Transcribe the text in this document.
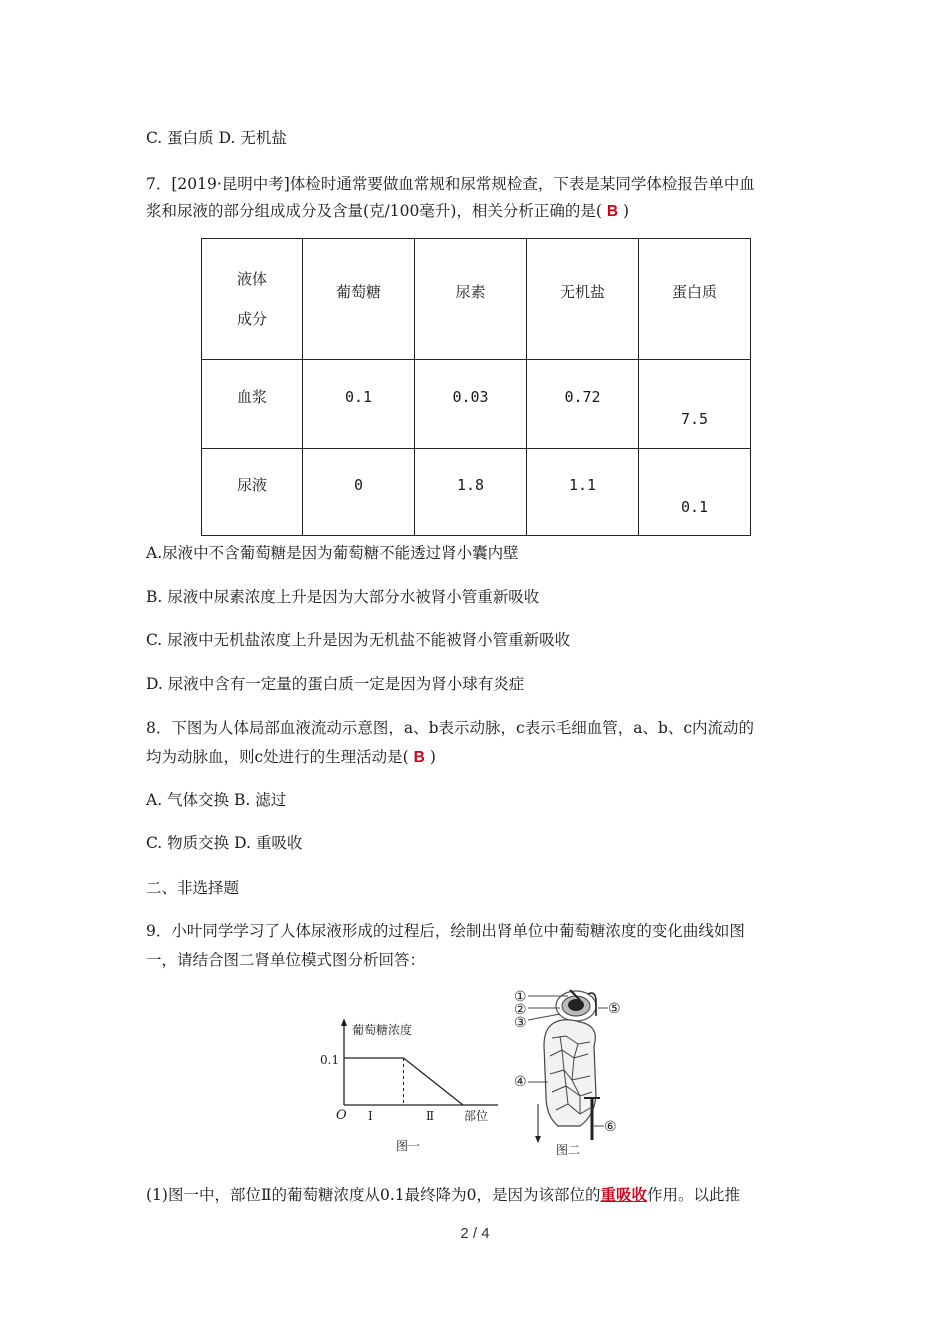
C. 蛋白质 D. 无机盐
7．[2019·昆明中考]体检时通常要做血常规和尿常规检查，下表是某同学体检报告单中血
浆和尿液的部分组成成分及含量(克/100毫升)，相关分析正确的是( B )
液体
成分	葡萄糖	尿素	无机盐	蛋白质
血浆	0.1	0.03	0.72	7.5
尿液	0	1.8	1.1	0.1
A.尿液中不含葡萄糖是因为葡萄糖不能透过肾小囊内壁
B. 尿液中尿素浓度上升是因为大部分水被肾小管重新吸收
C. 尿液中无机盐浓度上升是因为无机盐不能被肾小管重新吸收
D. 尿液中含有一定量的蛋白质一定是因为肾小球有炎症
8．下图为人体局部血液流动示意图，a、b表示动脉，c表示毛细血管，a、b、c内流动的
均为动脉血，则c处进行的生理活动是( B )
A. 气体交换 B. 滤过
C. 物质交换 D. 重吸收
二、非选择题
9．小叶同学学习了人体尿液形成的过程后，绘制出肾单位中葡萄糖浓度的变化曲线如图
一，请结合图二肾单位模式图分析回答：
葡萄糖浓度
0.1
O Ⅰ	Ⅱ 部位
图一
①
②
③
⑤
④
⑥
图二
(1)图一中，部位Ⅱ的葡萄糖浓度从0.1最终降为0，是因为该部位的重吸收作用。以此推
2 / 4
